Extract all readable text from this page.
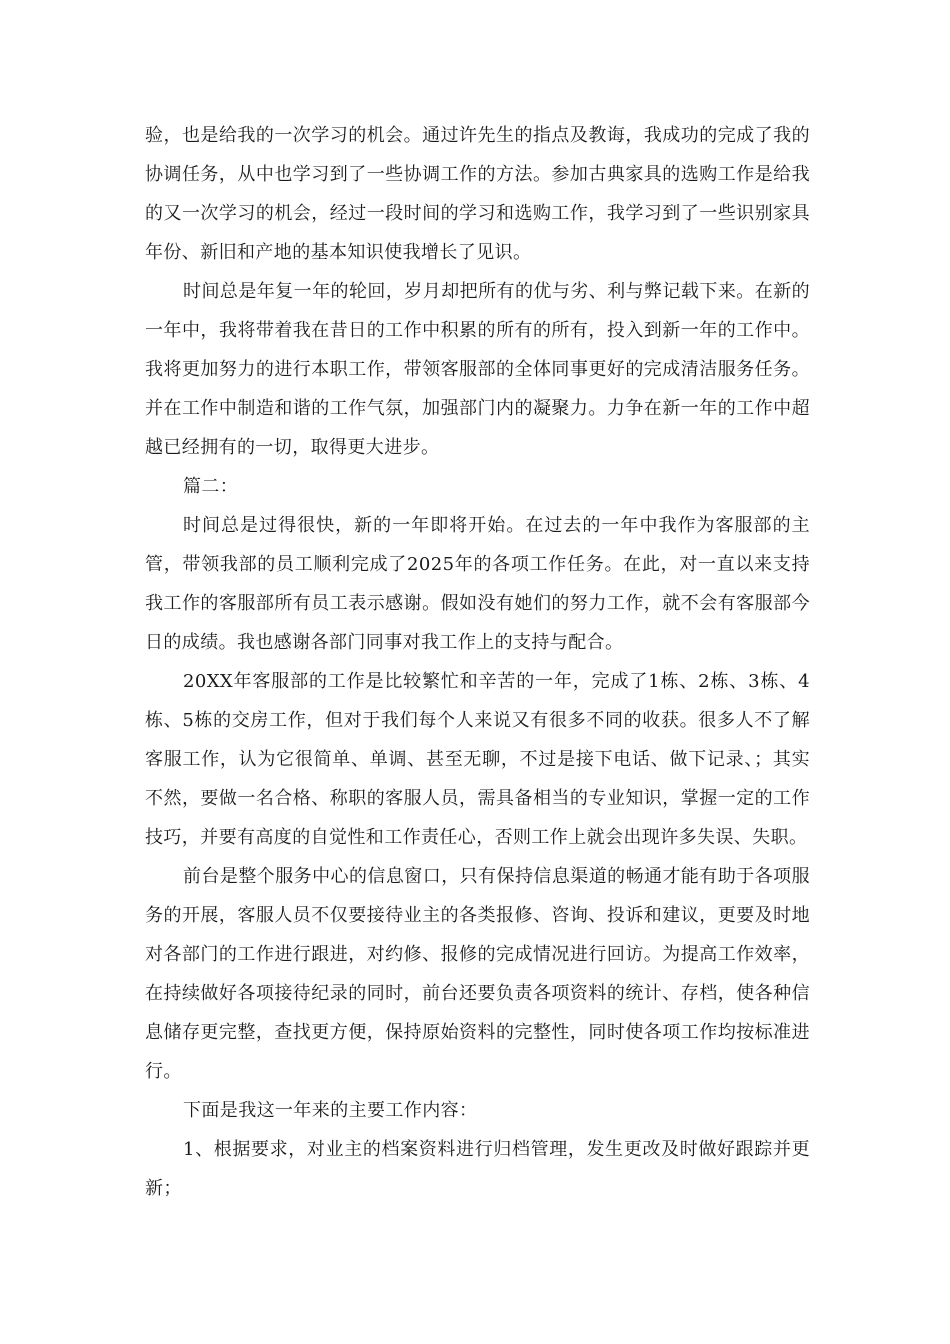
验，也是给我的一次学习的机会。通过许先生的指点及教诲，我成功的完成了我的协调任务，从中也学习到了一些协调工作的方法。参加古典家具的选购工作是给我的又一次学习的机会，经过一段时间的学习和选购工作，我学习到了一些识别家具年份、新旧和产地的基本知识使我增长了见识。

时间总是年复一年的轮回，岁月却把所有的优与劣、利与弊记载下来。在新的一年中，我将带着我在昔日的工作中积累的所有的所有，投入到新一年的工作中。我将更加努力的进行本职工作，带领客服部的全体同事更好的完成清洁服务任务。并在工作中制造和谐的工作气氛，加强部门内的凝聚力。力争在新一年的工作中超越已经拥有的一切，取得更大进步。

篇二：

时间总是过得很快，新的一年即将开始。在过去的一年中我作为客服部的主管，带领我部的员工顺利完成了2025年的各项工作任务。在此，对一直以来支持我工作的客服部所有员工表示感谢。假如没有她们的努力工作，就不会有客服部今日的成绩。我也感谢各部门同事对我工作上的支持与配合。

20XX年客服部的工作是比较繁忙和辛苦的一年，完成了1栋、2栋、3栋、4栋、5栋的交房工作，但对于我们每个人来说又有很多不同的收获。很多人不了解客服工作，认为它很简单、单调、甚至无聊，不过是接下电话、做下记录、；其实不然，要做一名合格、称职的客服人员，需具备相当的专业知识，掌握一定的工作技巧，并要有高度的自觉性和工作责任心，否则工作上就会出现许多失误、失职。

前台是整个服务中心的信息窗口，只有保持信息渠道的畅通才能有助于各项服务的开展，客服人员不仅要接待业主的各类报修、咨询、投诉和建议，更要及时地对各部门的工作进行跟进，对约修、报修的完成情况进行回访。为提高工作效率，在持续做好各项接待纪录的同时，前台还要负责各项资料的统计、存档，使各种信息储存更完整，查找更方便，保持原始资料的完整性，同时使各项工作均按标准进行。

下面是我这一年来的主要工作内容：

1、根据要求，对业主的档案资料进行归档管理，发生更改及时做好跟踪并更新；
